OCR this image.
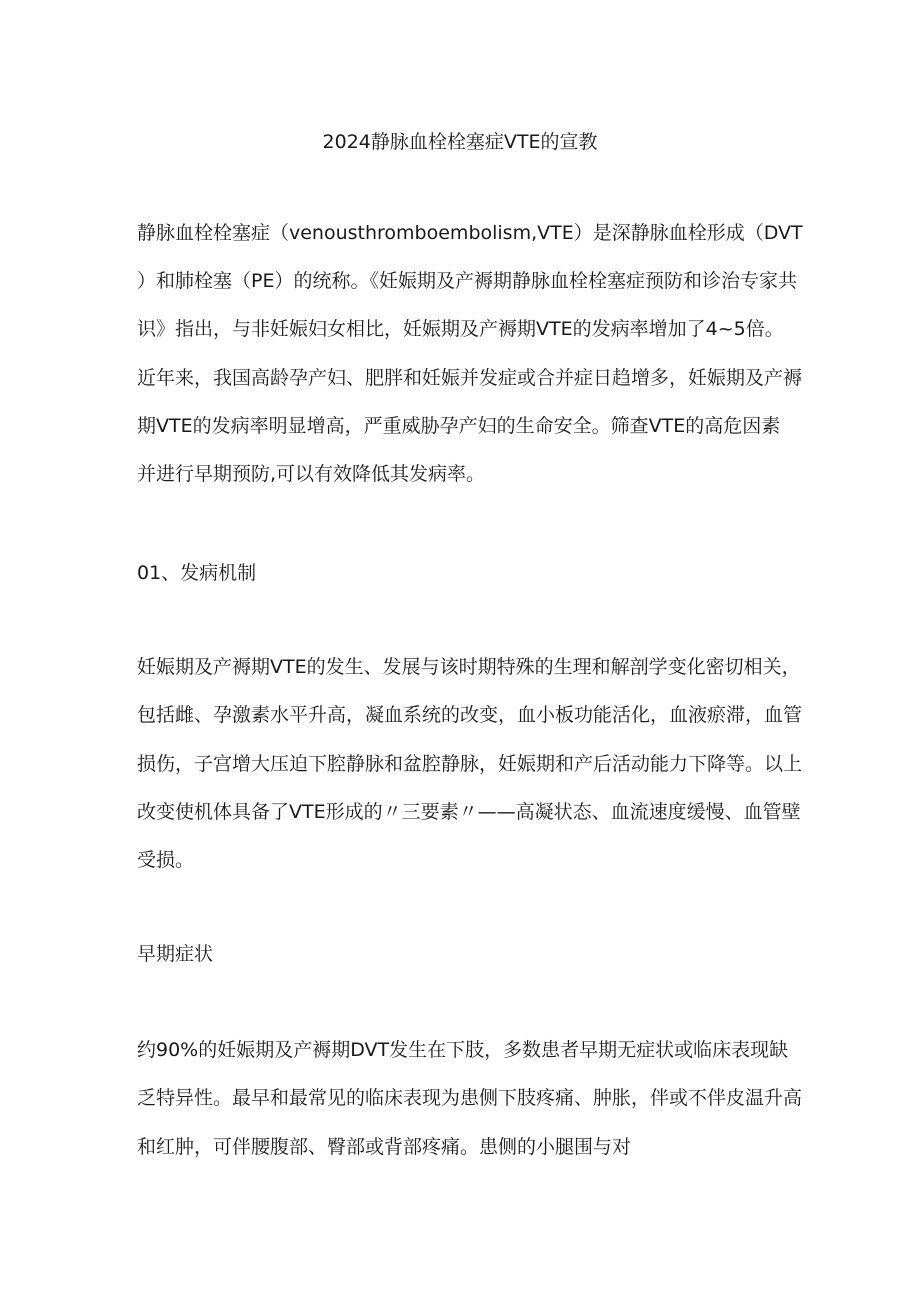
2024静脉血栓栓塞症VTE的宣教

静脉血栓栓塞症（venousthromboembolism,VTE）是深静脉血栓形成（DVT

）和肺栓塞（PE）的统称。《妊娠期及产褥期静脉血栓栓塞症预防和诊治专家共

识》指出，与非妊娠妇女相比，妊娠期及产褥期VTE的发病率增加了4~5倍。

近年来，我国高龄孕产妇、肥胖和妊娠并发症或合并症日趋增多，妊娠期及产褥

期VTE的发病率明显增高，严重威胁孕产妇的生命安全。筛查VTE的高危因素

并进行早期预防,可以有效降低其发病率。

01、发病机制

妊娠期及产褥期VTE的发生、发展与该时期特殊的生理和解剖学变化密切相关，

包括雌、孕激素水平升高，凝血系统的改变，血小板功能活化，血液瘀滞，血管

损伤，子宫增大压迫下腔静脉和盆腔静脉，妊娠期和产后活动能力下降等。以上

改变使机体具备了VTE形成的〃三要素〃——高凝状态、血流速度缓慢、血管壁

受损。

早期症状

约90%的妊娠期及产褥期DVT发生在下肢，多数患者早期无症状或临床表现缺

乏特异性。最早和最常见的临床表现为患侧下肢疼痛、肿胀，伴或不伴皮温升高

和红肿，可伴腰腹部、臀部或背部疼痛。患侧的小腿围与对
